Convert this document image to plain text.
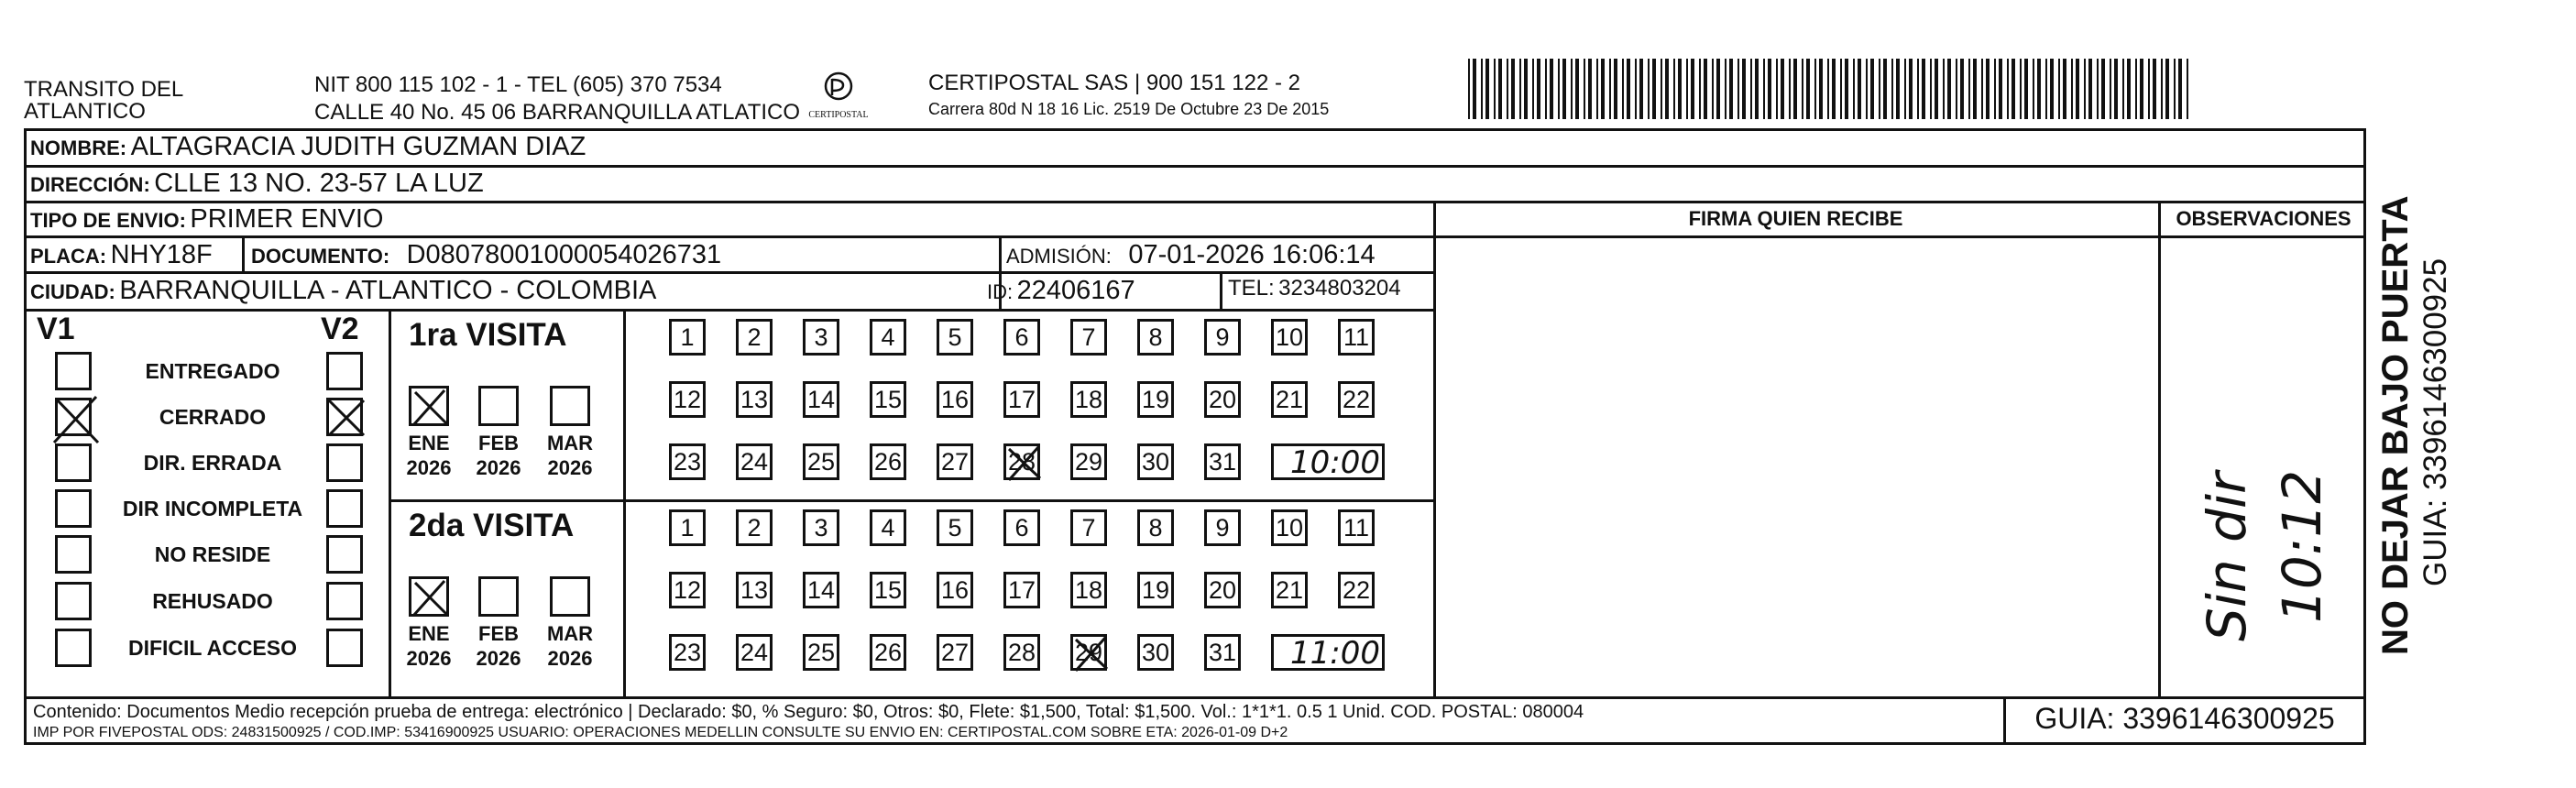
TRANSITO DEL
ATLANTICO
NIT 800 115 102 - 1 - TEL (605) 370 7534
CALLE 40 No. 45 06 BARRANQUILLA ATLATICO CERTIPOSTAL
CERTIPOSTAL SAS | 900 151 122 - 2
Carrera 80d N 18 16 Lic. 2519 De Octubre 23 De 2015
NOMBRE: ALTAGRACIA JUDITH GUZMAN DIAZ
DIRECCIÓN: CLLE 13 NO. 23-57 LA LUZ
TIPO DE ENVIO: PRIMER ENVIO
PLACA: NHY18F DOCUMENTO: D08078001000054026731	ADMISIÓN: 07-01-2026 16:06:14
CIUDAD: BARRANQUILLA - ATLANTICO - COLOMBIA	ID: 22406167	TEL: 3234803204
FIRMA QUIEN RECIBE	OBSERVACIONES
Sin dir 10:12
V1	V2
ENTREGADO
CERRADO
DIR. ERRADA
DIR INCOMPLETA
NO RESIDE
REHUSADO
DIFICIL ACCESO
1ra VISITA
ENE
2026
FEB
2026
MAR
2026
1	2	3	4	5	6	7	8	9	10 11
12 13 14 15 16 17 18 19 20 21 22
23 24 25 26 27 28 29 30 31 10:00
2da VISITA
ENE
2026
FEB
2026
MAR
2026
1	2	3	4	5	6	7	8	9	10 11
12 13 14 15 16 17 18 19 20 21 22
23 24 25 26 27 28 29 30 31 11:00
Contenido: Documentos Medio recepción prueba de entrega: electrónico | Declarado: $0, % Seguro: $0, Otros: $0, Flete: $1,500, Total: $1,500. Vol.: 1*1*1. 0.5 1 Unid. COD. POSTAL: 080004
IMP POR FIVEPOSTAL ODS: 24831500925 / COD.IMP: 53416900925 USUARIO: OPERACIONES MEDELLIN CONSULTE SU ENVIO EN: CERTIPOSTAL.COM SOBRE ETA: 2026-01-09 D+2	GUIA: 3396146300925
NO DEJAR BAJO PUERTA GUIA: 3396146300925
